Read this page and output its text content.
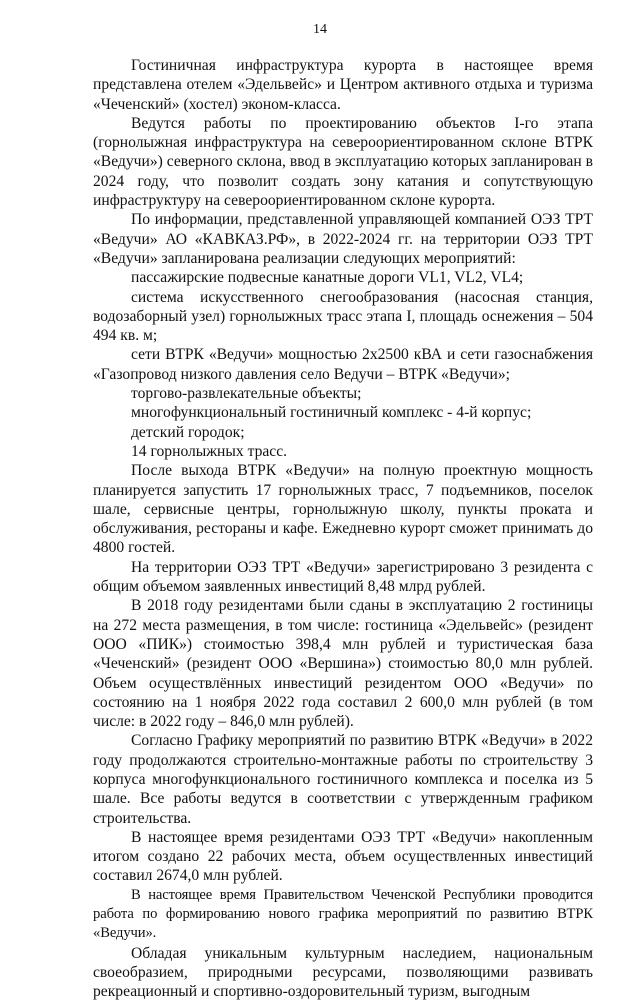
14

Гостиничная инфраструктура курорта в настоящее время представлена отелем «Эдельвейс» и Центром активного отдыха и туризма «Чеченский» (хостел) эконом-класса.

Ведутся работы по проектированию объектов I-го этапа (горнолыжная инфраструктура на североориентированном склоне ВТРК «Ведучи») северного склона, ввод в эксплуатацию которых запланирован в 2024 году, что позволит создать зону катания и сопутствующую инфраструктуру на североориентированном склоне курорта.

По информации, представленной управляющей компанией ОЭЗ ТРТ «Ведучи» АО «КАВКАЗ.РФ», в 2022-2024 гг. на территории ОЭЗ ТРТ «Ведучи» запланирована реализации следующих мероприятий:

пассажирские подвесные канатные дороги VL1, VL2, VL4;

система искусственного снегообразования (насосная станция, водозаборный узел) горнолыжных трасс этапа I, площадь оснежения – 504 494 кв. м;

сети ВТРК «Ведучи» мощностью 2х2500 кВА и сети газоснабжения «Газопровод низкого давления село Ведучи – ВТРК «Ведучи»;

торгово-развлекательные объекты;

многофункциональный гостиничный комплекс - 4-й корпус;

детский городок;

14 горнолыжных трасс.

После выхода ВТРК «Ведучи» на полную проектную мощность планируется запустить 17 горнолыжных трасс, 7 подъемников, поселок шале, сервисные центры, горнолыжную школу, пункты проката и обслуживания, рестораны и кафе. Ежедневно курорт сможет принимать до 4800 гостей.

На территории ОЭЗ ТРТ «Ведучи» зарегистрировано 3 резидента с общим объемом заявленных инвестиций 8,48 млрд рублей.

В 2018 году резидентами были сданы в эксплуатацию 2 гостиницы на 272 места размещения, в том числе: гостиница «Эдельвейс» (резидент ООО «ПИК») стоимостью 398,4 млн рублей и туристическая база «Чеченский» (резидент ООО «Вершина») стоимостью 80,0 млн рублей. Объем осуществлённых инвестиций резидентом ООО «Ведучи» по состоянию на 1 ноября 2022 года составил 2 600,0 млн рублей (в том числе: в 2022 году – 846,0 млн рублей).

Согласно Графику мероприятий по развитию ВТРК «Ведучи» в 2022 году продолжаются строительно-монтажные работы по строительству 3 корпуса многофункционального гостиничного комплекса и поселка из 5 шале. Все работы ведутся в соответствии с утвержденным графиком строительства.

В настоящее время резидентами ОЭЗ ТРТ «Ведучи» накопленным итогом создано 22 рабочих места, объем осуществленных инвестиций составил 2674,0 млн рублей.

В настоящее время Правительством Чеченской Республики проводится работа по формированию нового графика мероприятий по развитию ВТРК «Ведучи».

Обладая уникальным культурным наследием, национальным своеобразием, природными ресурсами, позволяющими развивать рекреационный и спортивно-оздоровительный туризм, выгодным
